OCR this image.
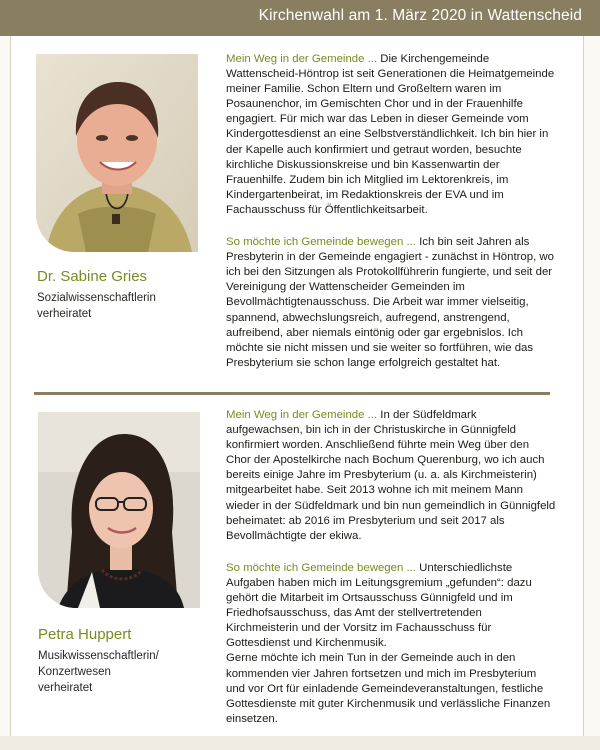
Kirchenwahl am 1. März 2020 in Wattenscheid
Dr. Sabine Gries
Sozialwissenschaftlerin
verheiratet

Mein Weg in der Gemeinde ... Die Kirchengemeinde Wattenscheid-Höntrop ist seit Generationen die Heimatgemeinde meiner Familie. Schon Eltern und Großeltern waren im Posaunenchor, im Gemischten Chor und in der Frauenhilfe engagiert. Für mich war das Leben in dieser Gemeinde vom Kindergottesdienst an eine Selbstverständlichkeit. Ich bin hier in der Kapelle auch konfirmiert und getraut worden, besuchte kirchliche Diskussionskreise und bin Kassenwartin der Frauenhilfe. Zudem bin ich Mitglied im Lektorenkreis, im Kindergartenbeirat, im Redaktionskreis der EVA und im Fachausschuss für Öffentlichkeitsarbeit.

So möchte ich Gemeinde bewegen ... Ich bin seit Jahren als Presbyterin in der Gemeinde engagiert - zunächst in Höntrop, wo ich bei den Sitzungen als Protokollführerin fungierte, und seit der Vereinigung der Wattenscheider Gemeinden im Bevollmächtigtenausschuss. Die Arbeit war immer vielseitig, spannend, abwechslungsreich, aufregend, anstrengend, aufreibend, aber niemals eintönig oder gar ergebnislos. Ich möchte sie nicht missen und sie weiter so fortführen, wie das Presbyterium sie schon lange erfolgreich gestaltet hat.

Petra Huppert
Musikwissenschaftlerin/
Konzertwesen
verheiratet

Mein Weg in der Gemeinde ... In der Südfeldmark aufgewachsen, bin ich in der Christuskirche in Günnigfeld konfirmiert worden. Anschließend führte mein Weg über den Chor der Apostelkirche nach Bochum Querenburg, wo ich auch bereits einige Jahre im Presbyterium (u. a. als Kirchmeisterin) mitgearbeitet habe. Seit 2013 wohne ich mit meinem Mann wieder in der Südfeldmark und bin nun gemeindlich in Günnigfeld beheimatet: ab 2016 im Presbyterium und seit 2017 als Bevollmächtigte der ekiwa.

So möchte ich Gemeinde bewegen ... Unterschiedlichste Aufgaben haben mich im Leitungsgremium „gefunden“: dazu gehört die Mitarbeit im Ortsausschuss Günnigfeld und im Friedhofsausschuss, das Amt der stellvertretenden Kirchmeisterin und der Vorsitz im Fachausschuss für Gottesdienst und Kirchenmusik.
Gerne möchte ich mein Tun in der Gemeinde auch in den kommenden vier Jahren fortsetzen und mich im Presbyterium und vor Ort für einladende Gemeindeveranstaltungen, festliche Gottesdienste mit guter Kirchenmusik und verlässliche Finanzen einsetzen.
